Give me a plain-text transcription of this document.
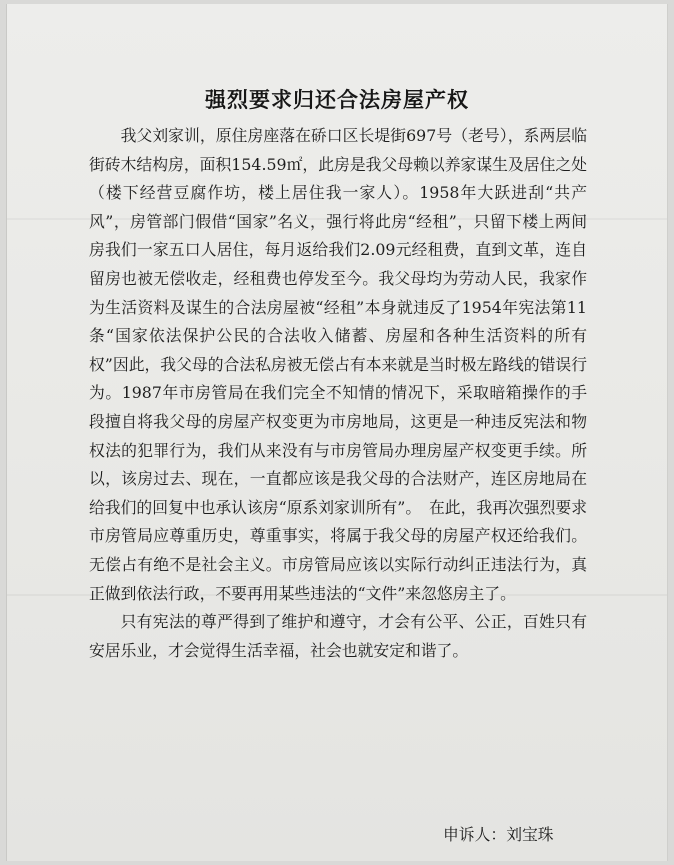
强烈要求归还合法房屋产权

我父刘家训，原住房座落在硚口区长堤街697号（老号），系两层临街砖木结构房，面积154.59㎡，此房是我父母赖以养家谋生及居住之处（楼下经营豆腐作坊，楼上居住我一家人）。1958年大跃进刮“共产风”，房管部门假借“国家”名义，强行将此房“经租”，只留下楼上两间房我们一家五口人居住，每月返给我们2.09元经租费，直到文革，连自留房也被无偿收走，经租费也停发至今。我父母均为劳动人民，我家作为生活资料及谋生的合法房屋被“经租”本身就违反了1954年宪法第11条“国家依法保护公民的合法收入储蓄、房屋和各种生活资料的所有权”因此，我父母的合法私房被无偿占有本来就是当时极左路线的错误行为。1987年市房管局在我们完全不知情的情况下，采取暗箱操作的手段擅自将我父母的房屋产权变更为市房地局，这更是一种违反宪法和物权法的犯罪行为，我们从来没有与市房管局办理房屋产权变更手续。所以，该房过去、现在，一直都应该是我父母的合法财产，连区房地局在给我们的回复中也承认该房“原系刘家训所有”。　在此，我再次强烈要求市房管局应尊重历史，尊重事实，将属于我父母的房屋产权还给我们。无偿占有绝不是社会主义。市房管局应该以实际行动纠正违法行为，真正做到依法行政，不要再用某些违法的“文件”来忽悠房主了。

只有宪法的尊严得到了维护和遵守，才会有公平、公正，百姓只有安居乐业，才会觉得生活幸福，社会也就安定和谐了。

申诉人：刘宝珠
